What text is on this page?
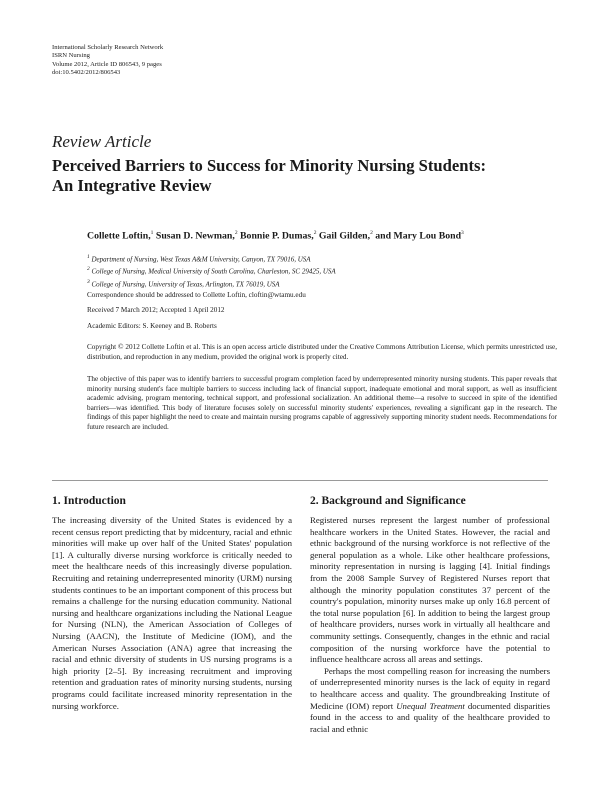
International Scholarly Research Network
ISRN Nursing
Volume 2012, Article ID 806543, 9 pages
doi:10.5402/2012/806543
Review Article
Perceived Barriers to Success for Minority Nursing Students:
An Integrative Review
Collette Loftin,$^1$ Susan D. Newman,$^2$ Bonnie P. Dumas,$^2$ Gail Gilden,$^2$ and Mary Lou Bond$^3$
$^1$ Department of Nursing, West Texas A&M University, Canyon, TX 79016, USA
$^2$ College of Nursing, Medical University of South Carolina, Charleston, SC 29425, USA
$^3$ College of Nursing, University of Texas, Arlington, TX 76019, USA
Correspondence should be addressed to Collette Loftin, cloftin@wtamu.edu
Received 7 March 2012; Accepted 1 April 2012
Academic Editors: S. Keeney and B. Roberts
Copyright © 2012 Collette Loftin et al. This is an open access article distributed under the Creative Commons Attribution License, which permits unrestricted use, distribution, and reproduction in any medium, provided the original work is properly cited.
The objective of this paper was to identify barriers to successful program completion faced by underrepresented minority nursing students. This paper reveals that minority nursing student's face multiple barriers to success including lack of financial support, inadequate emotional and moral support, as well as insufficient academic advising, program mentoring, technical support, and professional socialization. An additional theme—a resolve to succeed in spite of the identified barriers—was identified. This body of literature focuses solely on successful minority students' experiences, revealing a significant gap in the research. The findings of this paper highlight the need to create and maintain nursing programs capable of aggressively supporting minority student needs. Recommendations for future research are included.
1. Introduction

The increasing diversity of the United States is evidenced by a recent census report predicting that by midcentury, racial and ethnic minorities will make up over half of the United States' population [1]. A culturally diverse nursing workforce is critically needed to meet the healthcare needs of this increasingly diverse population. Recruiting and retaining underrepresented minority (URM) nursing students continues to be an important component of this process but remains a challenge for the nursing education community. National nursing and healthcare organizations including the National League for Nursing (NLN), the American Association of Colleges of Nursing (AACN), the Institute of Medicine (IOM), and the American Nurses Association (ANA) agree that increasing the racial and ethnic diversity of students in US nursing programs is a high priority [2–5]. By increasing recruitment and improving retention and graduation rates of minority nursing students, nursing programs could facilitate increased minority representation in the nursing workforce.

2. Background and Significance

Registered nurses represent the largest number of professional healthcare workers in the United States. However, the racial and ethnic background of the nursing workforce is not reflective of the general population as a whole. Like other healthcare professions, minority representation in nursing is lagging [4]. Initial findings from the 2008 Sample Survey of Registered Nurses report that although the minority population constitutes 37 percent of the country's population, minority nurses make up only 16.8 percent of the total nurse population [6]. In addition to being the largest group of healthcare providers, nurses work in virtually all healthcare and community settings. Consequently, changes in the ethnic and racial composition of the nursing workforce have the potential to influence healthcare across all areas and settings.

Perhaps the most compelling reason for increasing the numbers of underrepresented minority nurses is the lack of equity in regard to healthcare access and quality. The groundbreaking Institute of Medicine (IOM) report Unequal Treatment documented disparities found in the access to and quality of the healthcare provided to racial and ethnic
